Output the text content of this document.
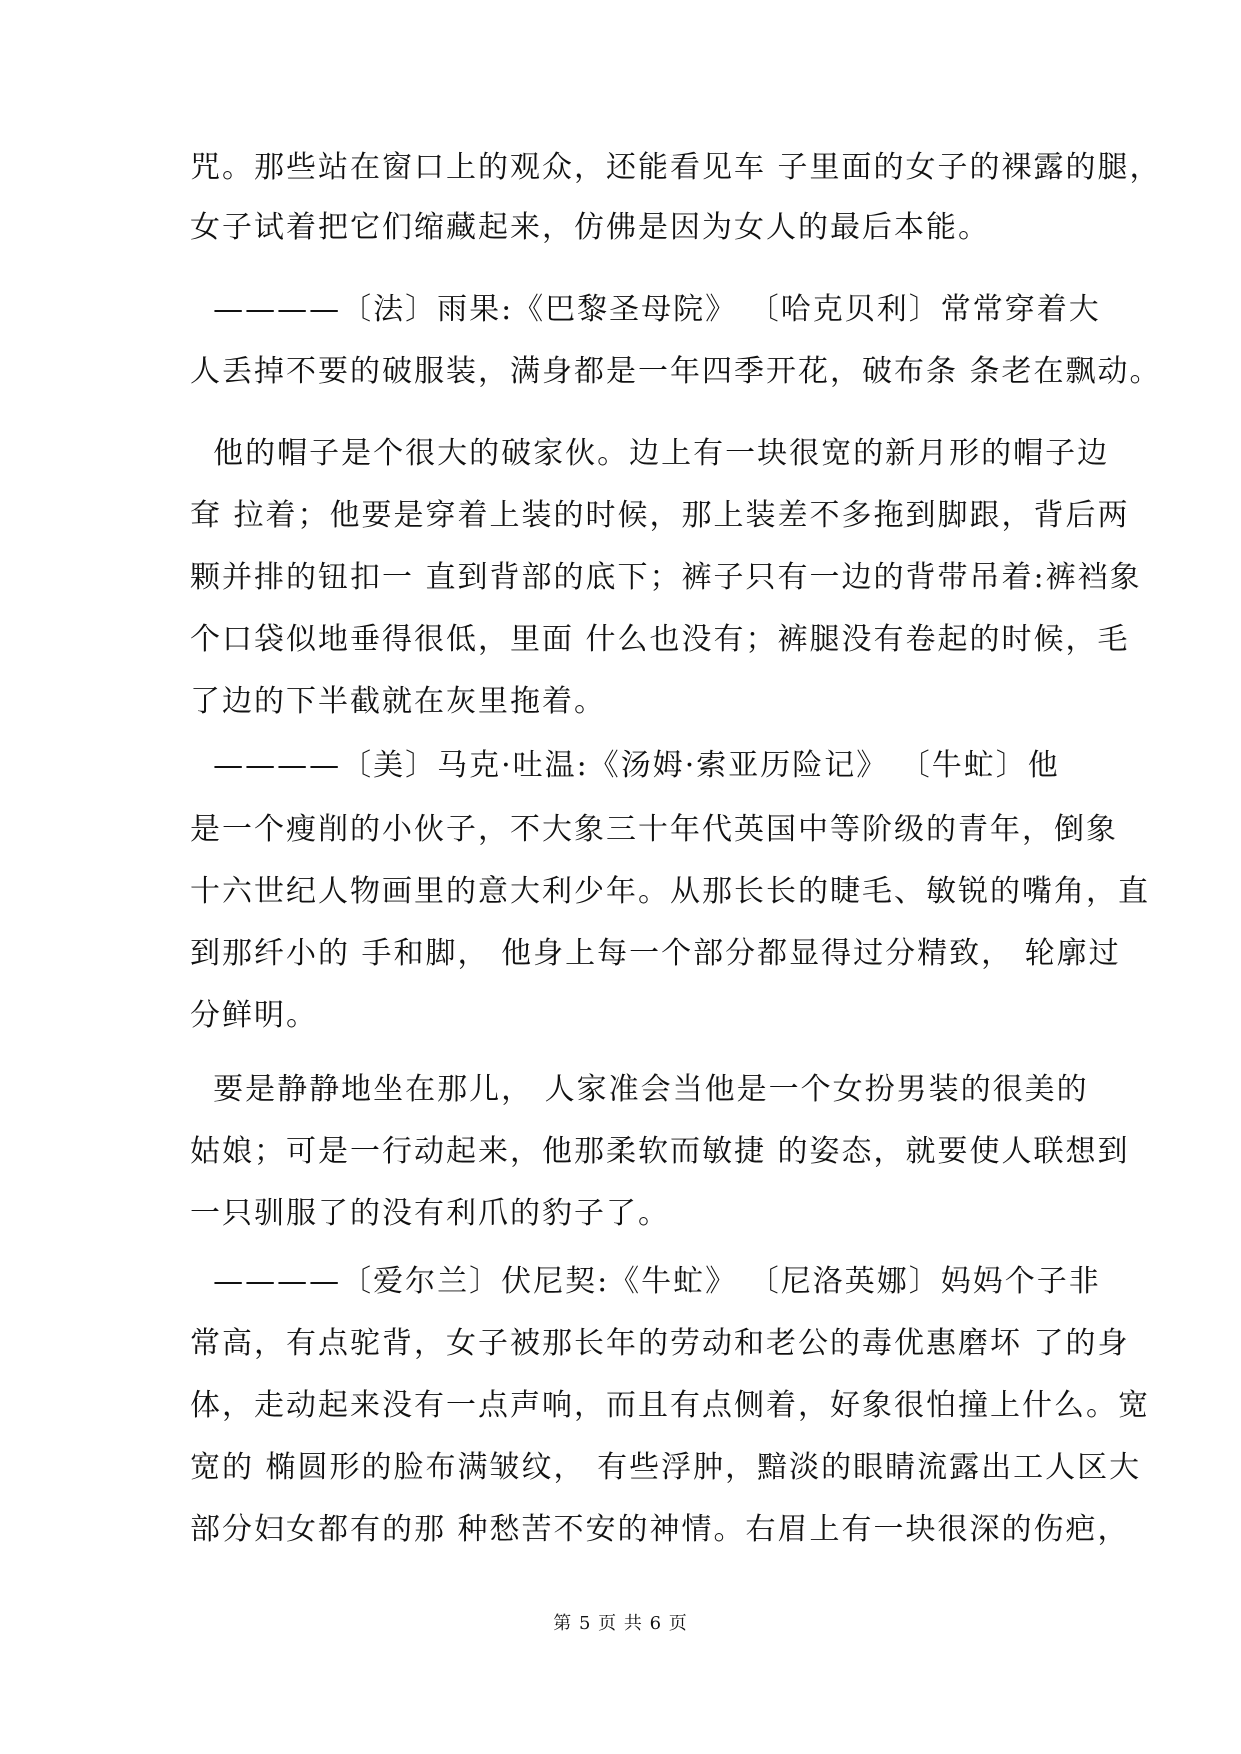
咒。那些站在窗口上的观众，还能看见车 子里面的女子的裸露的腿，
女子试着把它们缩藏起来，仿佛是因为女人的最后本能。
————〔法〕雨果:《巴黎圣母院》 〔哈克贝利〕常常穿着大
人丢掉不要的破服装，满身都是一年四季开花，破布条 条老在飘动。
他的帽子是个很大的破家伙。边上有一块很宽的新月形的帽子边
耷 拉着；他要是穿着上装的时候，那上装差不多拖到脚跟，背后两
颗并排的钮扣一 直到背部的底下；裤子只有一边的背带吊着:裤裆象
个口袋似地垂得很低，里面 什么也没有；裤腿没有卷起的时候，毛
了边的下半截就在灰里拖着。
————〔美〕马克·吐温:《汤姆·索亚历险记》 〔牛虻〕他
是一个瘦削的小伙子，不大象三十年代英国中等阶级的青年，倒象
十六世纪人物画里的意大利少年。从那长长的睫毛、敏锐的嘴角，直
到那纤小的 手和脚， 他身上每一个部分都显得过分精致， 轮廓过
分鲜明。
要是静静地坐在那儿， 人家准会当他是一个女扮男装的很美的
姑娘；可是一行动起来，他那柔软而敏捷 的姿态，就要使人联想到
一只驯服了的没有利爪的豹子了。
————〔爱尔兰〕伏尼契:《牛虻》 〔尼洛英娜〕妈妈个子非
常高，有点驼背，女子被那长年的劳动和老公的毒优惠磨坏 了的身
体，走动起来没有一点声响，而且有点侧着，好象很怕撞上什么。宽
宽的 椭圆形的脸布满皱纹， 有些浮肿，黯淡的眼睛流露出工人区大
部分妇女都有的那 种愁苦不安的神情。右眉上有一块很深的伤疤，
第 5 页 共 6 页
